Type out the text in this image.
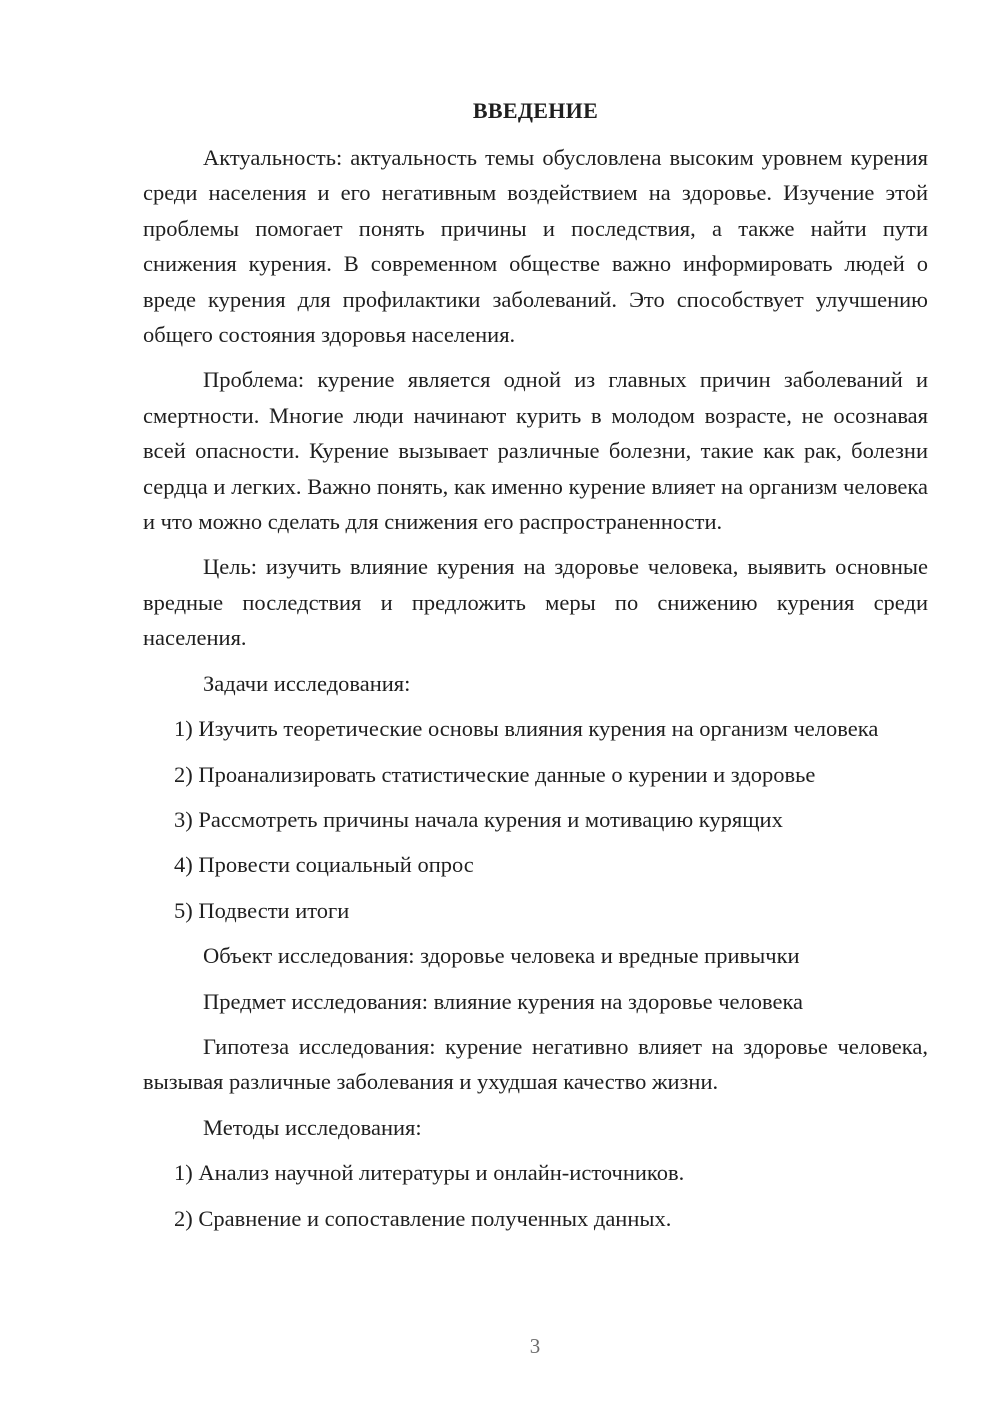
ВВЕДЕНИЕ

Актуальность: актуальность темы обусловлена высоким уровнем курения среди населения и его негативным воздействием на здоровье. Изучение этой проблемы помогает понять причины и последствия, а также найти пути снижения курения. В современном обществе важно информировать людей о вреде курения для профилактики заболеваний. Это способствует улучшению общего состояния здоровья населения.

Проблема: курение является одной из главных причин заболеваний и смертности. Многие люди начинают курить в молодом возрасте, не осознавая всей опасности. Курение вызывает различные болезни, такие как рак, болезни сердца и легких. Важно понять, как именно курение влияет на организм человека и что можно сделать для снижения его распространенности.

Цель: изучить влияние курения на здоровье человека, выявить основные вредные последствия и предложить меры по снижению курения среди населения.

Задачи исследования:

1) Изучить теоретические основы влияния курения на организм человека

2) Проанализировать статистические данные о курении и здоровье

3) Рассмотреть причины начала курения и мотивацию курящих

4) Провести социальный опрос

5) Подвести итоги

Объект исследования: здоровье человека и вредные привычки

Предмет исследования: влияние курения на здоровье человека

Гипотеза исследования: курение негативно влияет на здоровье человека, вызывая различные заболевания и ухудшая качество жизни.

Методы исследования:

1) Анализ научной литературы и онлайн-источников.

2) Сравнение и сопоставление полученных данных.

3
